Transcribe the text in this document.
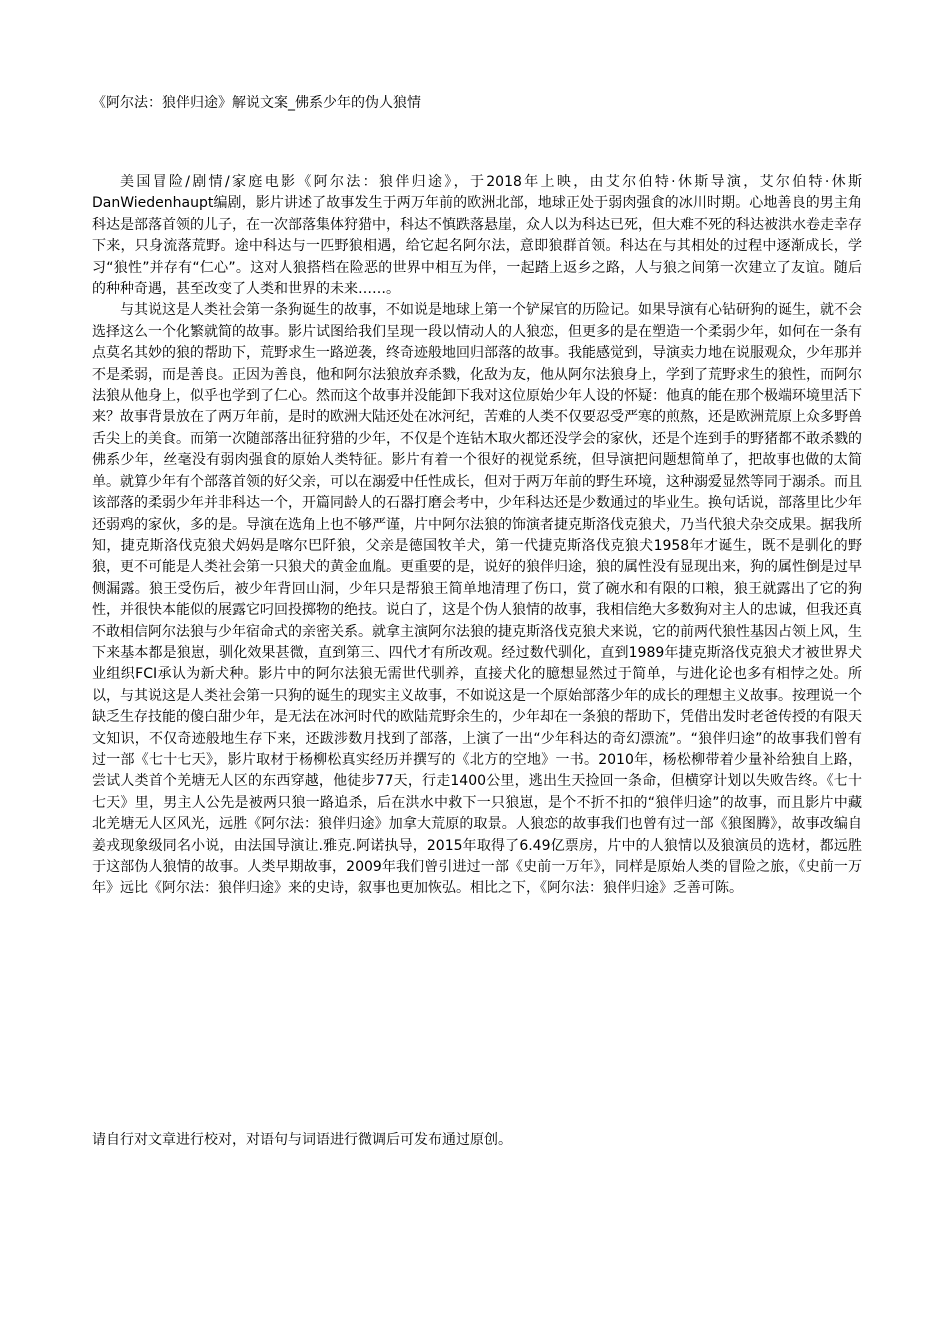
《阿尔法：狼伴归途》解说文案_佛系少年的伪人狼情

美国冒险/剧情/家庭电影《阿尔法：狼伴归途》，于2018年上映，由艾尔伯特·休斯导演，艾尔伯特·休斯 DanWiedenhaupt编剧，影片讲述了故事发生于两万年前的欧洲北部，地球正处于弱肉强食的冰川时期。心地善良的男主角科达是部落首领的儿子，在一次部落集体狩猎中，科达不慎跌落悬崖，众人以为科达已死，但大难不死的科达被洪水卷走幸存下来，只身流落荒野。途中科达与一匹野狼相遇，给它起名阿尔法，意即狼群首领。科达在与其相处的过程中逐渐成长，学习“狼性”并存有“仁心”。这对人狼搭档在险恶的世界中相互为伴，一起踏上返乡之路，人与狼之间第一次建立了友谊。随后的种种奇遇，甚至改变了人类和世界的未来……。

与其说这是人类社会第一条狗诞生的故事，不如说是地球上第一个铲屎官的历险记。如果导演有心钻研狗的诞生，就不会选择这么一个化繁就简的故事。影片试图给我们呈现一段以情动人的人狼恋，但更多的是在塑造一个柔弱少年，如何在一条有点莫名其妙的狼的帮助下，荒野求生一路逆袭，终奇迹般地回归部落的故事。我能感觉到，导演卖力地在说服观众，少年那并不是柔弱，而是善良。正因为善良，他和阿尔法狼放弃杀戮，化敌为友，他从阿尔法狼身上，学到了荒野求生的狼性，而阿尔法狼从他身上，似乎也学到了仁心。然而这个故事并没能卸下我对这位原始少年人设的怀疑：他真的能在那个极端环境里活下来？故事背景放在了两万年前，是时的欧洲大陆还处在冰河纪，苦难的人类不仅要忍受严寒的煎熬，还是欧洲荒原上众多野兽舌尖上的美食。而第一次随部落出征狩猎的少年，不仅是个连钻木取火都还没学会的家伙，还是个连到手的野猪都不敢杀戮的佛系少年，丝毫没有弱肉强食的原始人类特征。影片有着一个很好的视觉系统，但导演把问题想简单了，把故事也做的太简单。就算少年有个部落首领的好父亲，可以在溺爱中任性成长，但对于两万年前的野生环境，这种溺爱显然等同于溺杀。而且该部落的柔弱少年并非科达一个，开篇同龄人的石器打磨会考中，少年科达还是少数通过的毕业生。换句话说，部落里比少年还弱鸡的家伙，多的是。导演在选角上也不够严谨，片中阿尔法狼的饰演者捷克斯洛伐克狼犬，乃当代狼犬杂交成果。据我所知，捷克斯洛伐克狼犬妈妈是喀尔巴阡狼，父亲是德国牧羊犬，第一代捷克斯洛伐克狼犬1958年才诞生，既不是驯化的野狼，更不可能是人类社会第一只狼犬的黄金血胤。更重要的是，说好的狼伴归途，狼的属性没有显现出来，狗的属性倒是过早侧漏露。狼王受伤后，被少年背回山洞，少年只是帮狼王简单地清理了伤口，赏了碗水和有限的口粮，狼王就露出了它的狗性，并很快本能似的展露它叼回投掷物的绝技。说白了，这是个伪人狼情的故事，我相信绝大多数狗对主人的忠诚，但我还真不敢相信阿尔法狼与少年宿命式的亲密关系。就拿主演阿尔法狼的捷克斯洛伐克狼犬来说，它的前两代狼性基因占领上风，生下来基本都是狼崽，驯化效果甚微，直到第三、四代才有所改观。经过数代驯化，直到1989年捷克斯洛伐克狼犬才被世界犬业组织FCI承认为新犬种。影片中的阿尔法狼无需世代驯养，直接犬化的臆想显然过于简单，与进化论也多有相悖之处。所以，与其说这是人类社会第一只狗的诞生的现实主义故事，不如说这是一个原始部落少年的成长的理想主义故事。按理说一个缺乏生存技能的傻白甜少年，是无法在冰河时代的欧陆荒野余生的，少年却在一条狼的帮助下，凭借出发时老爸传授的有限天文知识，不仅奇迹般地生存下来，还跋涉数月找到了部落，上演了一出“少年科达的奇幻漂流”。“狼伴归途”的故事我们曾有过一部《七十七天》，影片取材于杨柳松真实经历并撰写的《北方的空地》一书。2010年，杨松柳带着少量补给独自上路，尝试人类首个羌塘无人区的东西穿越，他徒步77天，行走1400公里，逃出生天捡回一条命，但横穿计划以失败告终。《七十七天》里，男主人公先是被两只狼一路追杀，后在洪水中救下一只狼崽，是个不折不扣的“狼伴归途”的故事，而且影片中藏北羌塘无人区风光，远胜《阿尔法：狼伴归途》加拿大荒原的取景。人狼恋的故事我们也曾有过一部《狼图腾》，故事改编自姜戎现象级同名小说，由法国导演让.雅克.阿诺执导，2015年取得了6.49亿票房，片中的人狼情以及狼演员的选材，都远胜于这部伪人狼情的故事。人类早期故事，2009年我们曾引进过一部《史前一万年》，同样是原始人类的冒险之旅，《史前一万年》远比《阿尔法：狼伴归途》来的史诗，叙事也更加恢弘。相比之下，《阿尔法：狼伴归途》乏善可陈。

请自行对文章进行校对，对语句与词语进行微调后可发布通过原创。
